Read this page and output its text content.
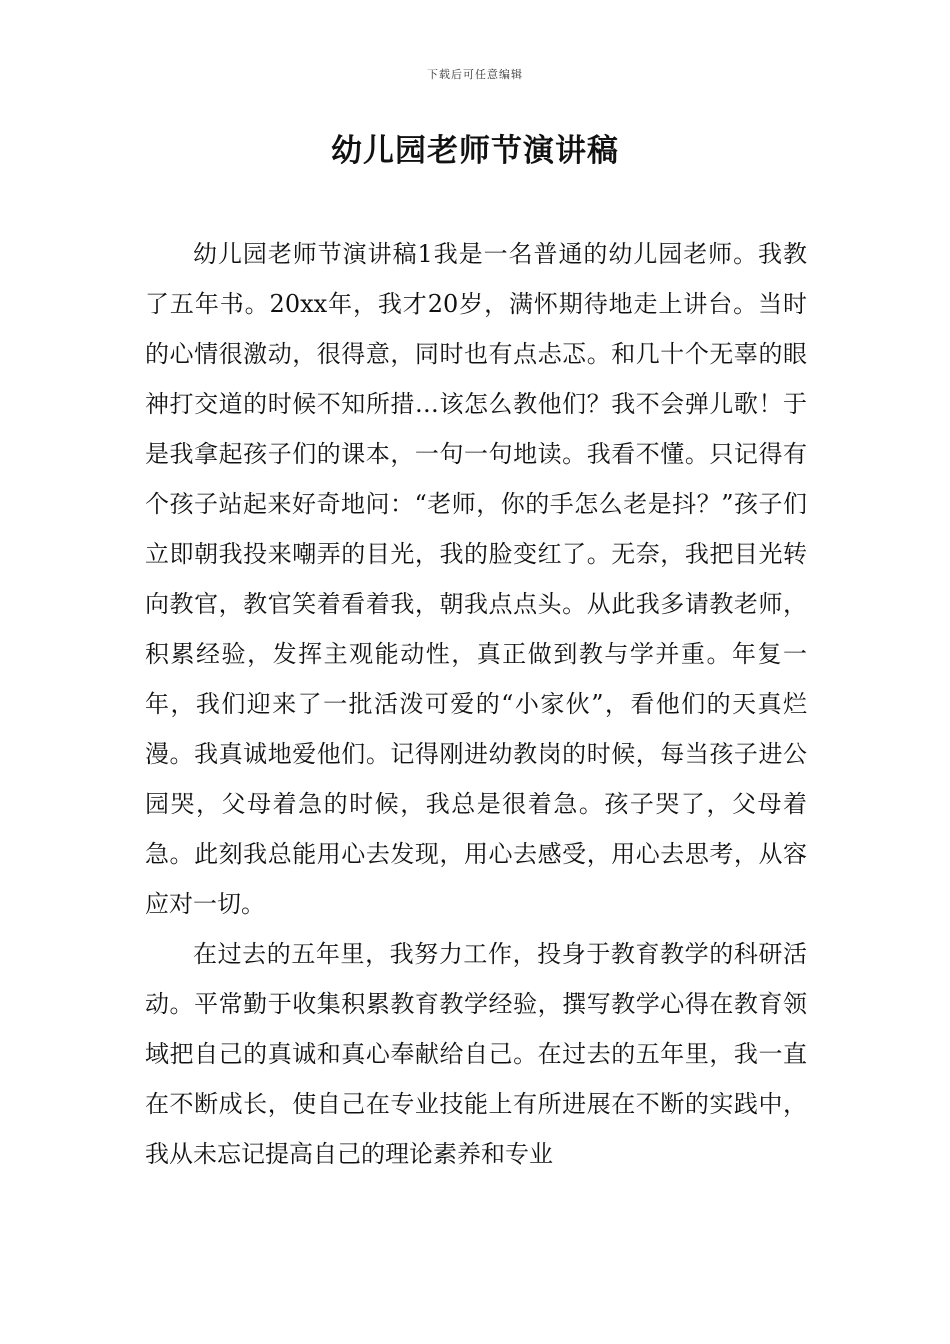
下载后可任意编辑
幼儿园老师节演讲稿

幼儿园老师节演讲稿1我是一名普通的幼儿园老师。我教了五年书。20xx年，我才20岁，满怀期待地走上讲台。当时的心情很激动，很得意，同时也有点忐忑。和几十个无辜的眼神打交道的时候不知所措…该怎么教他们？我不会弹儿歌！于是我拿起孩子们的课本，一句一句地读。我看不懂。只记得有个孩子站起来好奇地问：“老师，你的手怎么老是抖？”孩子们立即朝我投来嘲弄的目光，我的脸变红了。无奈，我把目光转向教官，教官笑着看着我，朝我点点头。从此我多请教老师，积累经验，发挥主观能动性，真正做到教与学并重。年复一年，我们迎来了一批活泼可爱的“小家伙”，看他们的天真烂漫。我真诚地爱他们。记得刚进幼教岗的时候，每当孩子进公园哭，父母着急的时候，我总是很着急。孩子哭了，父母着急。此刻我总能用心去发现，用心去感受，用心去思考，从容应对一切。

在过去的五年里，我努力工作，投身于教育教学的科研活动。平常勤于收集积累教育教学经验，撰写教学心得在教育领域把自己的真诚和真心奉献给自己。在过去的五年里，我一直在不断成长，使自己在专业技能上有所进展在不断的实践中，我从未忘记提高自己的理论素养和专业
